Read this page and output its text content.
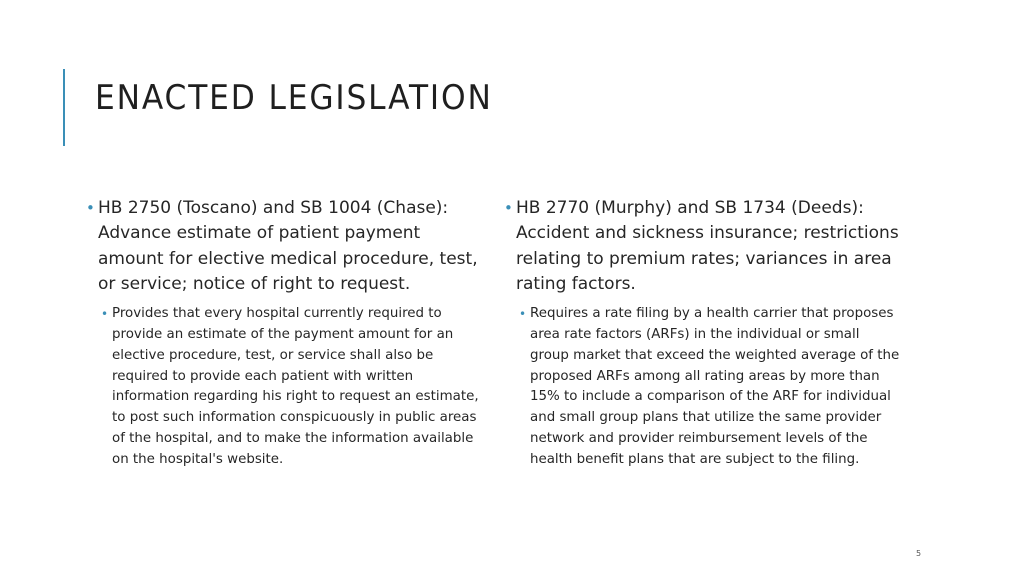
ENACTED LEGISLATION

• HB 2750 (Toscano) and SB 1004 (Chase): Advance estimate of patient payment amount for elective medical procedure, test, or service; notice of right to request.

• Provides that every hospital currently required to provide an estimate of the payment amount for an elective procedure, test, or service shall also be required to provide each patient with written information regarding his right to request an estimate, to post such information conspicuously in public areas of the hospital, and to make the information available on the hospital's website.

• HB 2770 (Murphy) and SB 1734 (Deeds): Accident and sickness insurance; restrictions relating to premium rates; variances in area rating factors.

• Requires a rate filing by a health carrier that proposes area rate factors (ARFs) in the individual or small group market that exceed the weighted average of the proposed ARFs among all rating areas by more than 15% to include a comparison of the ARF for individual and small group plans that utilize the same provider network and provider reimbursement levels of the health benefit plans that are subject to the filing.

5
